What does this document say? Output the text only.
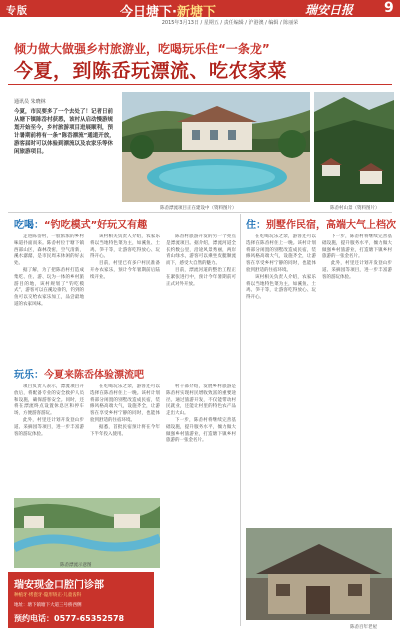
专版	今日塘下·新塘下	瑞安日报 9
2015年3月13日 / 星期五 / 责任编辑 / 沪港澳 / 编辑 / 陈丽荣
倾力做大做强乡村旅游业，吃喝玩乐住“一条龙”
今夏，到陈岙玩漂流、吃农家菜
通讯员 朱晓林
今夏，市民要多了一个去处了！记者日前从塘下镇陈岙村获悉，该村从启动慢游规划开始至今，乡村旅游项目进展顺利，预计暑期前将有一条“陈岙漂流”通道开放，游客届时可以体验到漂流以及农家乐等休闲旅游项目。
陈岙漂流项目正在建设中（资料图片）	陈岙村山景（资料图片）
吃喝：“钓吃模式”好玩又有趣	住：别墅作民宿，高端大气上档次

走进陈岙村，一股浓浓的乡村味道扑面而来。陈岙村位于塘下镇西部山区，森林茂密，空气清新，溪水潺潺，是市民周末休闲的好去处。

据了解，为了把陈岙村打造成集吃、住、游、玩为一体的乡村旅游目的地，该村规划了“钓吃模式”，游客可以在溪边垂钓，钓到的鱼可以交给农家乐加工，品尝最地道的农家风味。

该村相关负责人介绍，农家乐将以当地特色菜为主，如溪鱼、土鸡、笋干等，让游客吃得放心、玩得开心。

目前，村里已有多户村民准备开办农家乐，预计今年暑期前后陆续开业。

陈岙村旅游开发的另一个亮点是漂流项目。据介绍，漂流河道全长约数公里，沿途风景秀丽，两岸青山绿水，游客可以乘坐皮艇顺流而下，感受大自然的魅力。

目前，漂流河道的整治工程正在紧张进行中，预计今年暑期前可正式对外开放。

玩乐：今夏来陈岙体验漂流吧

项目负责人表示，漂流项目开放后，将配备专业的安全救护人员和设施，确保游客安全。同时，还将在漂流终点设置休息区和停车场，方便游客游玩。

此外，村里还计划开发登山步道、采摘园等项目，进一步丰富游客的游玩体验。

在吃喝玩乐之余，游客还可以选择在陈岙村住上一晚。该村计划将部分闲置的别墅改造成民宿，装修风格高端大气，设施齐全，让游客在享受乡村宁静的同时，也能体验到舒适的住宿环境。

据悉，首批民宿预计将在今年下半年投入使用。

村干部介绍，发展乡村旅游是陈岙村实现村民增收致富的重要途径。通过旅游开发，不仅能带动村民就业，还能让村里的特色农产品走出大山。

下一步，陈岙村将继续完善基础设施，提升服务水平，倾力做大做强乡村旅游业，打造塘下镇乡村旅游的一张金名片。

在吃喝玩乐之余，游客还可以选择在陈岙村住上一晚。该村计划将部分闲置的别墅改造成民宿，装修风格高端大气，设施齐全，让游客在享受乡村宁静的同时，也能体验到舒适的住宿环境。

该村相关负责人介绍，农家乐将以当地特色菜为主，如溪鱼、土鸡、笋干等，让游客吃得放心、玩得开心。

下一步，陈岙村将继续完善基础设施，提升服务水平，倾力做大做强乡村旅游业，打造塘下镇乡村旅游的一张金名片。

此外，村里还计划开发登山步道、采摘园等项目，进一步丰富游客的游玩体验。

陈岙漂流示意图
陈岙百年老屋
瑞安现金口腔门诊部
种植牙·烤瓷牙·隐形矫正·儿童齿科
地址：塘下镇塘下大道三号桥西侧
预约电话：0577-65352578
